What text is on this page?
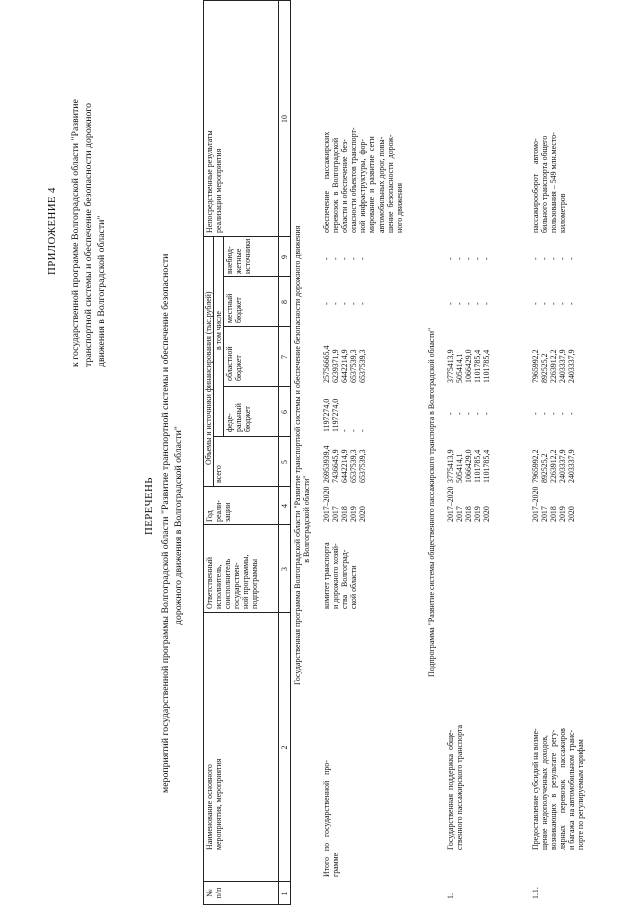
ПРИЛОЖЕНИЕ 4 к государственной программе Волгоградской области "Развитие транспортной системы и обеспечение безопасности дорожного движения в Волгоградской области"
ПЕРЕЧЕНЬ мероприятий государственной программы Волгоградской области "Развитие транспортной системы и обеспечение безопасности дорожного движения в Волгоградской области"
№
п/п
Наименование основного
мероприятия, мероприятия
Ответственный
исполнитель,
соисполнитель
государствен-
ной программы,
подпрограммы
Год
реали-
зации
Объемы и источники финансирования (тыс.рублей)
всего
в том числе
феде-
ральный
бюджет
областной
бюджет
местный
бюджет
внебюд-
жетные
источники
Непосредственные результаты
реализации мероприятия
1
2
3
4
5
6
7
8
9
10
Государственная программа Волгоградской области "Развитие транспортной системы и обеспечение безопасности дорожного движения
в Волгоградской области"
Итого   по   государственной   про-
грамме
комитет транспорта
и дорожного хозяй-
ства    Волгоград-
ской области
2017–2020
2017
2018
2019
2020
26953939,4
7436645,9
6442214,9
6537539,3
6537539,3
1197274,0
1197274,0
-
-
-
25756665,4
6239371,9
6442214,9
6537539,3
6537539,3
-
-
-
-
-
-
-
-
-
-
обеспечение      пассажирских
перевозок  в  Волгоградской
области и обеспечение  без-
опасности объектов транспорт-
ной  инфраструктуры,  фор-
мирование  и  развитие  сети
автомобильных дорог, повы-
шение  безопасности  дорож-
ного движения
Подпрограмма "Развитие системы общественного пассажирского транспорта в Волгоградской области"
1.
Государственная  поддержка  обще-
ственного пассажирского транспорта
2017–2020
2017
2018
2019
2020
3775413,9
505414,1
1066429,0
1101785,4
1101785,4
-
-
-
-
-
3775413,9
505414,1
1066429,0
1101785,4
1101785,4
-
-
-
-
-
-
-
-
-
-
1.1.
Предоставление субсидий на возме-
щение  недополученных  доходов,
возникающих   в   результате   регу-
лярных      перевозок      пассажиров
и багажа  на автомобильном  транс-
порте по регулируемым тарифам
2017–2020
2017
2018
2019
2020
7965992,2
892525,2
2263912,2
2403337,9
2403337,9
-
-
-
-
-
7965992,2
892525,2
2263912,2
2403337,9
2403337,9
-
-
-
-
-
-
-
-
-
-
пассажирооборот     автомо-
бильного транспорта общего
пользования – 549 млн.место-
километров
